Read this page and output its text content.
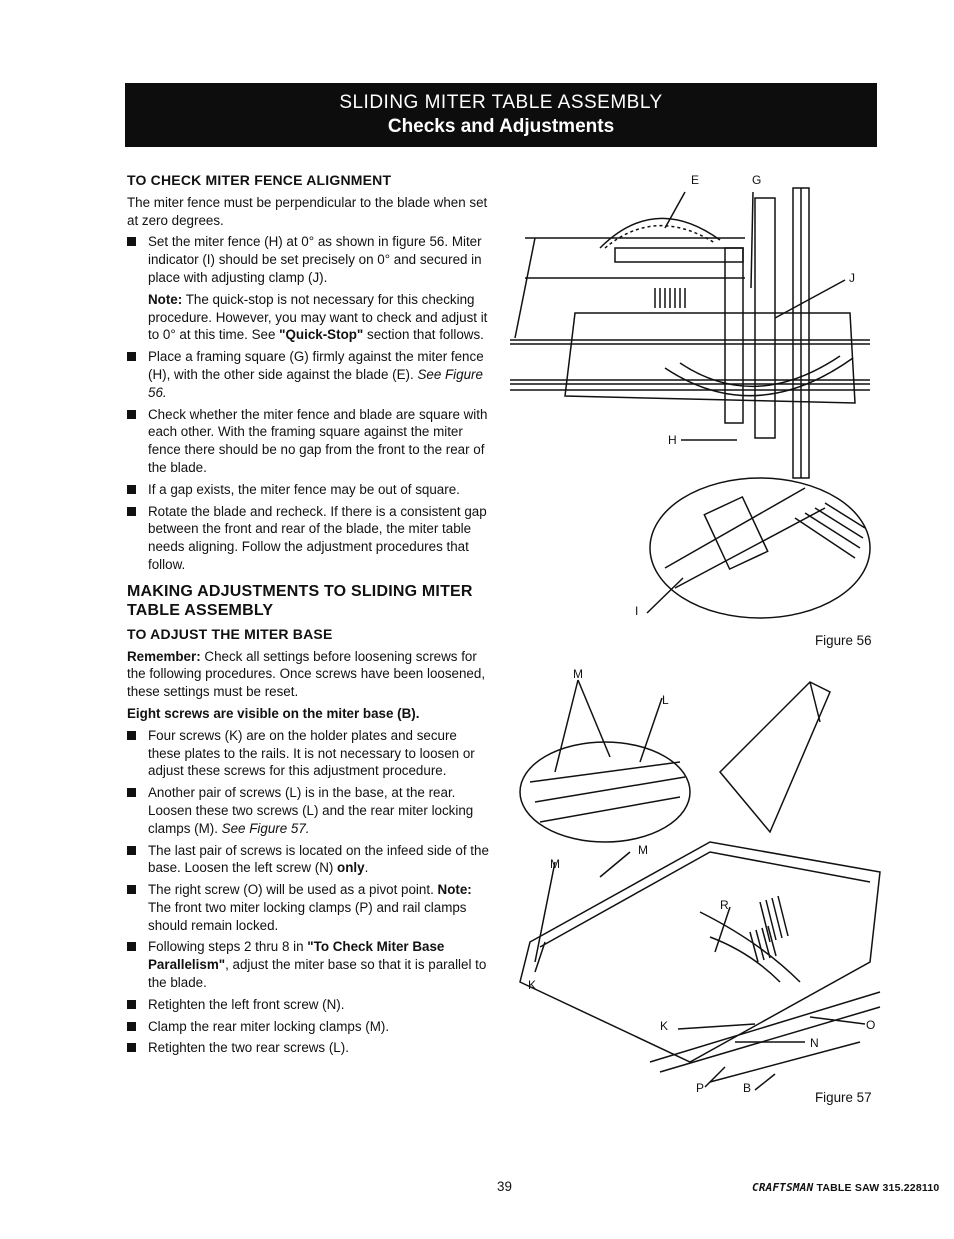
SLIDING MITER TABLE ASSEMBLY
Checks and Adjustments
TO CHECK MITER FENCE ALIGNMENT

The miter fence must be perpendicular to the blade when set at zero degrees.

Set the miter fence (H) at 0° as shown in figure 56. Miter indicator (I) should be set precisely on 0° and secured in place with adjusting clamp (J).

Note: The quick-stop is not necessary for this checking procedure. However, you may want to check and adjust it to 0° at this time. See "Quick-Stop" section that follows.

Place a framing square (G) firmly against the miter fence (H), with the other side against the blade (E). See Figure 56.
Check whether the miter fence and blade are square with each other. With the framing square against the miter fence there should be no gap from the front to the rear of the blade.
If a gap exists, the miter fence may be out of square.
Rotate the blade and recheck. If there is a consistent gap between the front and rear of the blade, the miter table needs aligning. Follow the adjustment procedures that follow.
MAKING ADJUSTMENTS TO SLIDING MITER TABLE ASSEMBLY
TO ADJUST THE MITER BASE

Remember: Check all settings before loosening screws for the following procedures. Once screws have been loosened, these settings must be reset.

Eight screws are visible on the miter base (B).

Four screws (K) are on the holder plates and secure these plates to the rails. It is not necessary to loosen or adjust these screws for this adjustment procedure.
Another pair of screws (L) is in the base, at the rear. Loosen these two screws (L) and the rear miter locking clamps (M). See Figure 57.
The last pair of screws is located on the infeed side of the base. Loosen the left screw (N) only.
The right screw (O) will be used as a pivot point. Note: The front two miter locking clamps (P) and rail clamps should remain locked.
Following steps 2 thru 8 in "To Check Miter Base Parallelism", adjust the miter base so that it is parallel to the blade.
Retighten the left front screw (N).
Clamp the rear miter locking clamps (M).
Retighten the two rear screws (L).
E	G
J
H
I
Figure 56
M
L
M
M
R
K
K	O
N
P	B
Figure 57
39	CRAFTSMAN TABLE SAW 315.228110
